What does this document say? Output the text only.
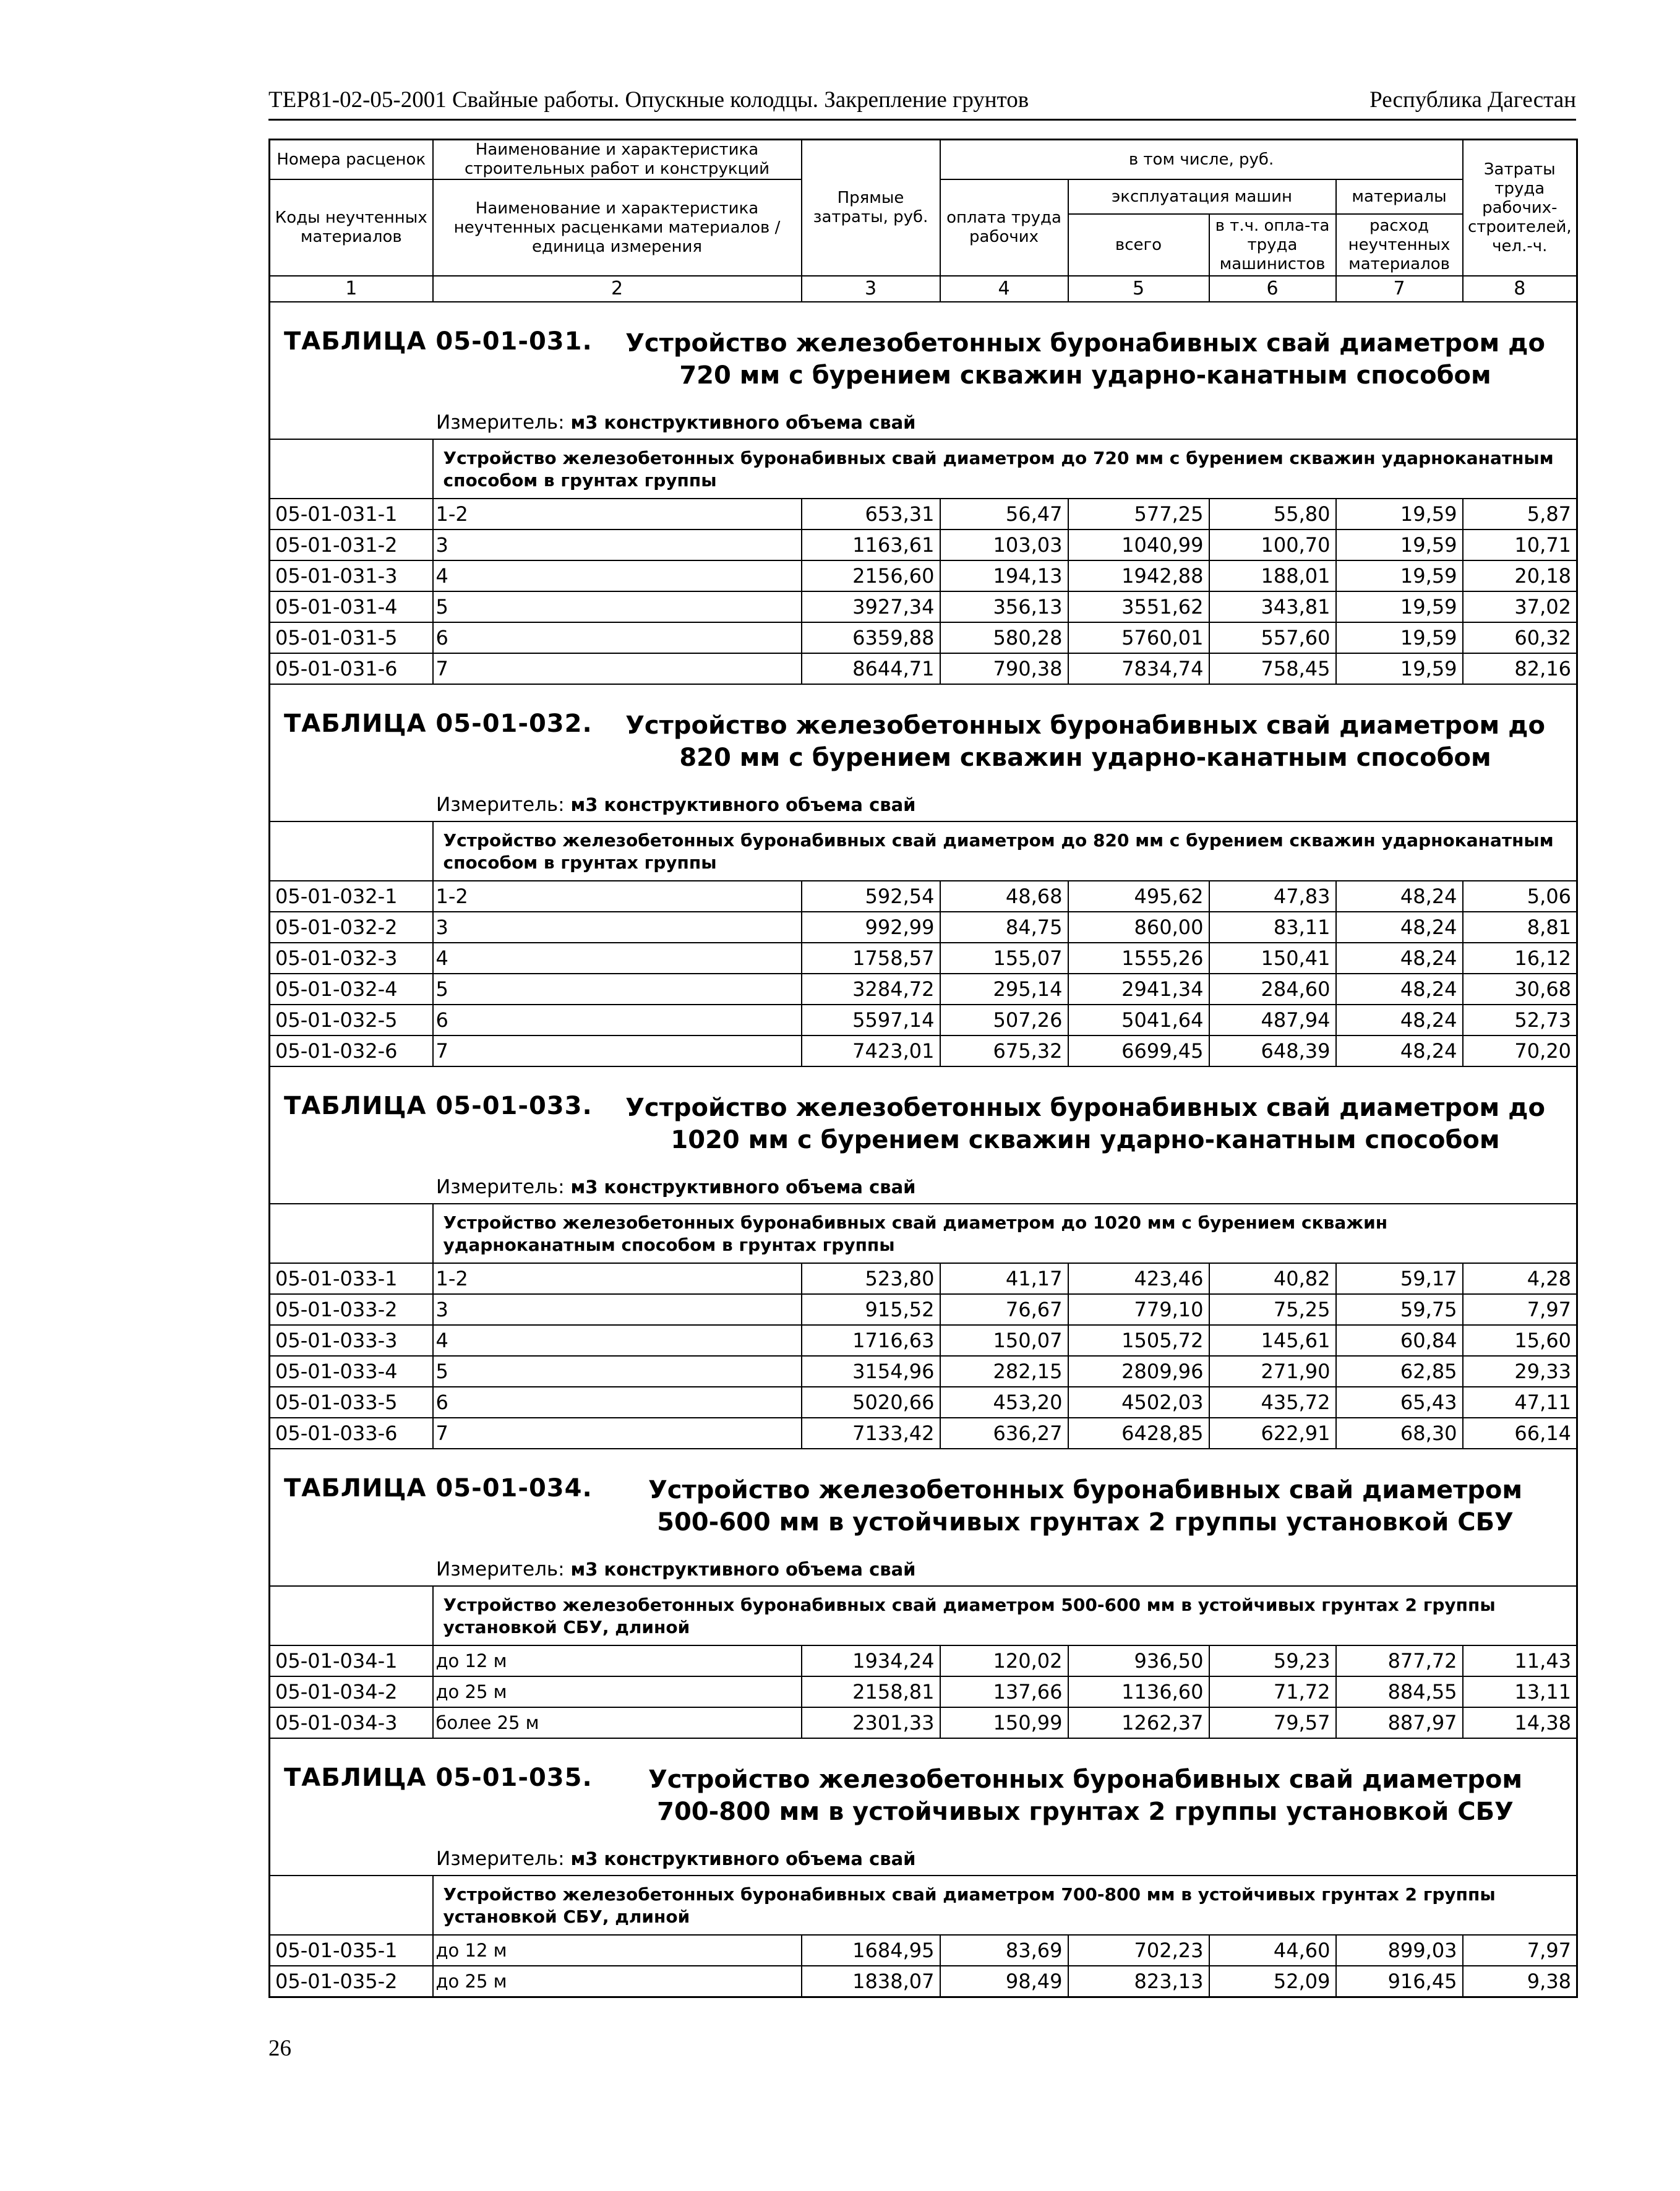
ТЕР81-02-05-2001 Свайные работы. Опускные колодцы. Закрепление грунтов	Республика Дагестан
Номера расценок	Наименование и характеристика строительных работ и конструкций	Прямые затраты, руб.	в том числе, руб.				Затраты труда рабочих-строителей, чел.-ч.
Коды неучтенных материалов	Наименование и характеристика неучтенных расценками материалов / единица измерения		оплата труда рабочих	эксплуатация машин		материалы	
				всего	в т.ч. опла-та труда машинистов	расход неучтенных материалов	

1	2	3	4	5	6	7	8

ТАБЛИЦА 05-01-031. Устройство железобетонных буронабивных свай диаметром до 720 мм с бурением скважин ударно-канатным способом							

Измеритель: м3 конструктивного объема свай							

	Устройство железобетонных буронабивных свай диаметром до 720 мм с бурением скважин ударноканатным способом в грунтах группы						
05-01-031-1	1-2	653,31	56,47	577,25	55,80	19,59	5,87
05-01-031-2	3	1163,61	103,03	1040,99	100,70	19,59	10,71
05-01-031-3	4	2156,60	194,13	1942,88	188,01	19,59	20,18
05-01-031-4	5	3927,34	356,13	3551,62	343,81	19,59	37,02
05-01-031-5	6	6359,88	580,28	5760,01	557,60	19,59	60,32
05-01-031-6	7	8644,71	790,38	7834,74	758,45	19,59	82,16

ТАБЛИЦА 05-01-032. Устройство железобетонных буронабивных свай диаметром до 820 мм с бурением скважин ударно-канатным способом							

Измеритель: м3 конструктивного объема свай							

	Устройство железобетонных буронабивных свай диаметром до 820 мм с бурением скважин ударноканатным способом в грунтах группы						
05-01-032-1	1-2	592,54	48,68	495,62	47,83	48,24	5,06
05-01-032-2	3	992,99	84,75	860,00	83,11	48,24	8,81
05-01-032-3	4	1758,57	155,07	1555,26	150,41	48,24	16,12
05-01-032-4	5	3284,72	295,14	2941,34	284,60	48,24	30,68
05-01-032-5	6	5597,14	507,26	5041,64	487,94	48,24	52,73
05-01-032-6	7	7423,01	675,32	6699,45	648,39	48,24	70,20

ТАБЛИЦА 05-01-033. Устройство железобетонных буронабивных свай диаметром до 1020 мм с бурением скважин ударно-канатным способом							

Измеритель: м3 конструктивного объема свай							

	Устройство железобетонных буронабивных свай диаметром до 1020 мм с бурением скважин ударноканатным способом в грунтах группы						
05-01-033-1	1-2	523,80	41,17	423,46	40,82	59,17	4,28
05-01-033-2	3	915,52	76,67	779,10	75,25	59,75	7,97
05-01-033-3	4	1716,63	150,07	1505,72	145,61	60,84	15,60
05-01-033-4	5	3154,96	282,15	2809,96	271,90	62,85	29,33
05-01-033-5	6	5020,66	453,20	4502,03	435,72	65,43	47,11
05-01-033-6	7	7133,42	636,27	6428,85	622,91	68,30	66,14

ТАБЛИЦА 05-01-034. Устройство железобетонных буронабивных свай диаметром 500-600 мм в устойчивых грунтах 2 группы установкой СБУ							

Измеритель: м3 конструктивного объема свай							

	Устройство железобетонных буронабивных свай диаметром 500-600 мм в устойчивых грунтах 2 группы установкой СБУ, длиной						
05-01-034-1	до 12 м	1934,24	120,02	936,50	59,23	877,72	11,43
05-01-034-2	до 25 м	2158,81	137,66	1136,60	71,72	884,55	13,11
05-01-034-3	более 25 м	2301,33	150,99	1262,37	79,57	887,97	14,38

ТАБЛИЦА 05-01-035. Устройство железобетонных буронабивных свай диаметром 700-800 мм в устойчивых грунтах 2 группы установкой СБУ							

Измеритель: м3 конструктивного объема свай							

	Устройство железобетонных буронабивных свай диаметром 700-800 мм в устойчивых грунтах 2 группы установкой СБУ, длиной						
05-01-035-1	до 12 м	1684,95	83,69	702,23	44,60	899,03	7,97
05-01-035-2	до 25 м	1838,07	98,49	823,13	52,09	916,45	9,38
26
